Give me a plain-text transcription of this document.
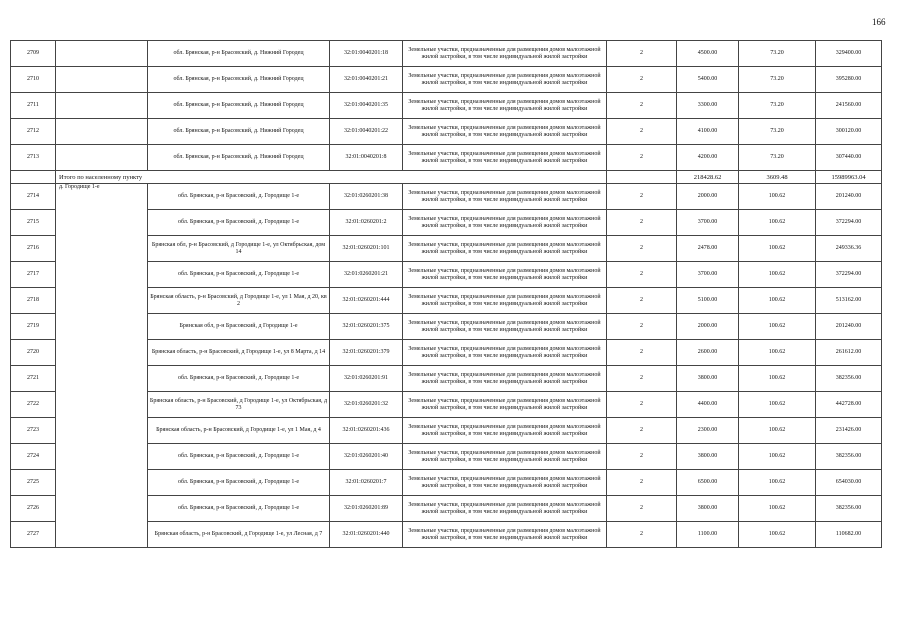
166
2709		обл. Брянская, р-н Брасовский, д. Нижний Городец	32:01:0040201:18	Земельные участки, предназначенные для размещения домов малоэтажной жилой застройки, в том числе индивидуальной жилой застройки	2	4500.00	73.20	329400.00
2710		обл. Брянская, р-н Брасовский, д. Нижний Городец	32:01:0040201:21	Земельные участки, предназначенные для размещения домов малоэтажной жилой застройки, в том числе индивидуальной жилой застройки	2	5400.00	73.20	395280.00
2711		обл. Брянская, р-н Брасовский, д. Нижний Городец	32:01:0040201:35	Земельные участки, предназначенные для размещения домов малоэтажной жилой застройки, в том числе индивидуальной жилой застройки	2	3300.00	73.20	241560.00
2712		обл. Брянская, р-н Брасовский, д. Нижний Городец	32:01:0040201:22	Земельные участки, предназначенные для размещения домов малоэтажной жилой застройки, в том числе индивидуальной жилой застройки	2	4100.00	73.20	300120.00
2713		обл. Брянская, р-н Брасовский, д. Нижний Городец	32:01:0040201:8	Земельные участки, предназначенные для размещения домов малоэтажной жилой застройки, в том числе индивидуальной жилой застройки	2	4200.00	73.20	307440.00
	Итого по населенному пункту					218428.62	3609.48	15989963.04
2714	д. Городище 1-е	обл. Брянская, р-н Брасовский, д. Городище 1-е	32:01:0260201:38	Земельные участки, предназначенные для размещения домов малоэтажной жилой застройки, в том числе индивидуальной жилой застройки	2	2000.00	100.62	201240.00
2715		обл. Брянская, р-н Брасовский, д. Городище 1-е	32:01:0260201:2	Земельные участки, предназначенные для размещения домов малоэтажной жилой застройки, в том числе индивидуальной жилой застройки	2	3700.00	100.62	372294.00
2716		Брянская обл, р-н Брасовский, д Городище 1-е, ул Октябрьская, дом 14	32:01:0260201:101	Земельные участки, предназначенные для размещения домов малоэтажной жилой застройки, в том числе индивидуальной жилой застройки	2	2478.00	100.62	249336.36
2717		обл. Брянская, р-н Брасовский, д. Городище 1-е	32:01:0260201:21	Земельные участки, предназначенные для размещения домов малоэтажной жилой застройки, в том числе индивидуальной жилой застройки	2	3700.00	100.62	372294.00
2718		Брянская область, р-н Брасовский, д Городище 1-е, ул 1 Мая, д 20, кв 2	32:01:0260201:444	Земельные участки, предназначенные для размещения домов малоэтажной жилой застройки, в том числе индивидуальной жилой застройки	2	5100.00	100.62	513162.00
2719		Брянская обл, р-н Брасовский, д Городище 1-е	32:01:0260201:375	Земельные участки, предназначенные для размещения домов малоэтажной жилой застройки, в том числе индивидуальной жилой застройки	2	2000.00	100.62	201240.00
2720		Брянская область, р-н Брасовский, д Городище 1-е, ул 8 Марта, д 14	32:01:0260201:379	Земельные участки, предназначенные для размещения домов малоэтажной жилой застройки, в том числе индивидуальной жилой застройки	2	2600.00	100.62	261612.00
2721		обл. Брянская, р-н Брасовский, д. Городище 1-е	32:01:0260201:91	Земельные участки, предназначенные для размещения домов малоэтажной жилой застройки, в том числе индивидуальной жилой застройки	2	3800.00	100.62	382356.00
2722		Брянская область, р-н Брасовский, д Городище 1-е, ул Октябрьская, д 73	32:01:0260201:32	Земельные участки, предназначенные для размещения домов малоэтажной жилой застройки, в том числе индивидуальной жилой застройки	2	4400.00	100.62	442728.00
2723		Брянская область, р-н Брасовский, д Городище 1-е, ул 1 Мая, д 4	32:01:0260201:436	Земельные участки, предназначенные для размещения домов малоэтажной жилой застройки, в том числе индивидуальной жилой застройки	2	2300.00	100.62	231426.00
2724		обл. Брянская, р-н Брасовский, д. Городище 1-е	32:01:0260201:40	Земельные участки, предназначенные для размещения домов малоэтажной жилой застройки, в том числе индивидуальной жилой застройки	2	3800.00	100.62	382356.00
2725		обл. Брянская, р-н Брасовский, д. Городище 1-е	32:01:0260201:7	Земельные участки, предназначенные для размещения домов малоэтажной жилой застройки, в том числе индивидуальной жилой застройки	2	6500.00	100.62	654030.00
2726		обл. Брянская, р-н Брасовский, д. Городище 1-е	32:01:0260201:89	Земельные участки, предназначенные для размещения домов малоэтажной жилой застройки, в том числе индивидуальной жилой застройки	2	3800.00	100.62	382356.00
2727		Брянская область, р-н Брасовский, д Городище 1-е, ул Лесная, д 7	32:01:0260201:440	Земельные участки, предназначенные для размещения домов малоэтажной жилой застройки, в том числе индивидуальной жилой застройки	2	1100.00	100.62	110682.00
